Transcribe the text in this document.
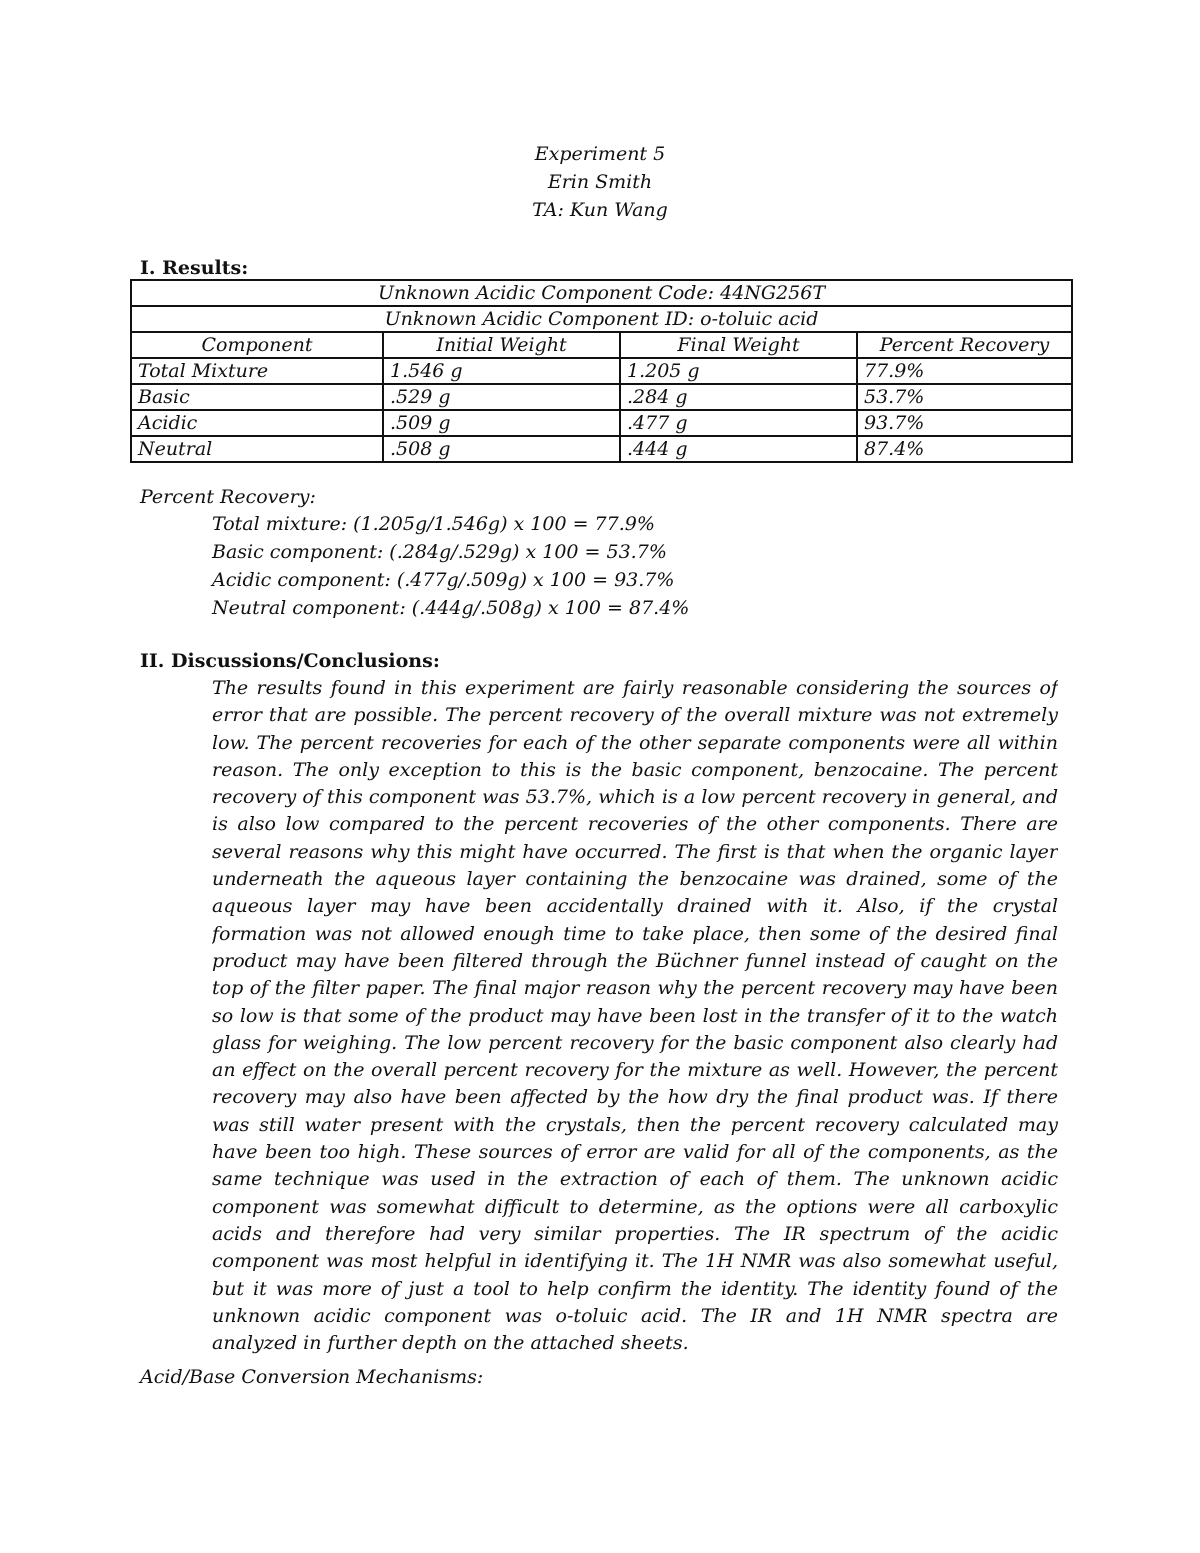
Experiment 5
Erin Smith
TA: Kun Wang
I. Results:
Unknown Acidic Component Code: 44NG256T			
Unknown Acidic Component ID: o-toluic acid			
Component	Initial Weight	Final Weight	Percent Recovery
Total Mixture	1.546 g	1.205 g	77.9%
Basic	.529 g	.284 g	53.7%
Acidic	.509 g	.477 g	93.7%
Neutral	.508 g	.444 g	87.4%
Percent Recovery:
Total mixture: (1.205g/1.546g) x 100 = 77.9%
Basic component: (.284g/.529g) x 100 = 53.7%
Acidic component: (.477g/.509g) x 100 = 93.7%
Neutral component: (.444g/.508g) x 100 = 87.4%
II. Discussions/Conclusions:
The results found in this experiment are fairly reasonable considering the sources of
error that are possible. The percent recovery of the overall mixture was not extremely
low. The percent recoveries for each of the other separate components were all within
reason. The only exception to this is the basic component, benzocaine. The percent
recovery of this component was 53.7%, which is a low percent recovery in general, and
is also low compared to the percent recoveries of the other components. There are
several reasons why this might have occurred. The first is that when the organic layer
underneath the aqueous layer containing the benzocaine was drained, some of the
aqueous layer may have been accidentally drained with it. Also, if the crystal
formation was not allowed enough time to take place, then some of the desired final
product may have been filtered through the Büchner funnel instead of caught on the
top of the filter paper. The final major reason why the percent recovery may have been
so low is that some of the product may have been lost in the transfer of it to the watch
glass for weighing. The low percent recovery for the basic component also clearly had
an effect on the overall percent recovery for the mixture as well. However, the percent
recovery may also have been affected by the how dry the final product was. If there
was still water present with the crystals, then the percent recovery calculated may
have been too high. These sources of error are valid for all of the components, as the
same technique was used in the extraction of each of them. The unknown acidic
component was somewhat difficult to determine, as the options were all carboxylic
acids and therefore had very similar properties. The IR spectrum of the acidic
component was most helpful in identifying it. The 1H NMR was also somewhat useful,
but it was more of just a tool to help confirm the identity. The identity found of the
unknown acidic component was o-toluic acid. The IR and 1H NMR spectra are
analyzed in further depth on the attached sheets.
Acid/Base Conversion Mechanisms:
